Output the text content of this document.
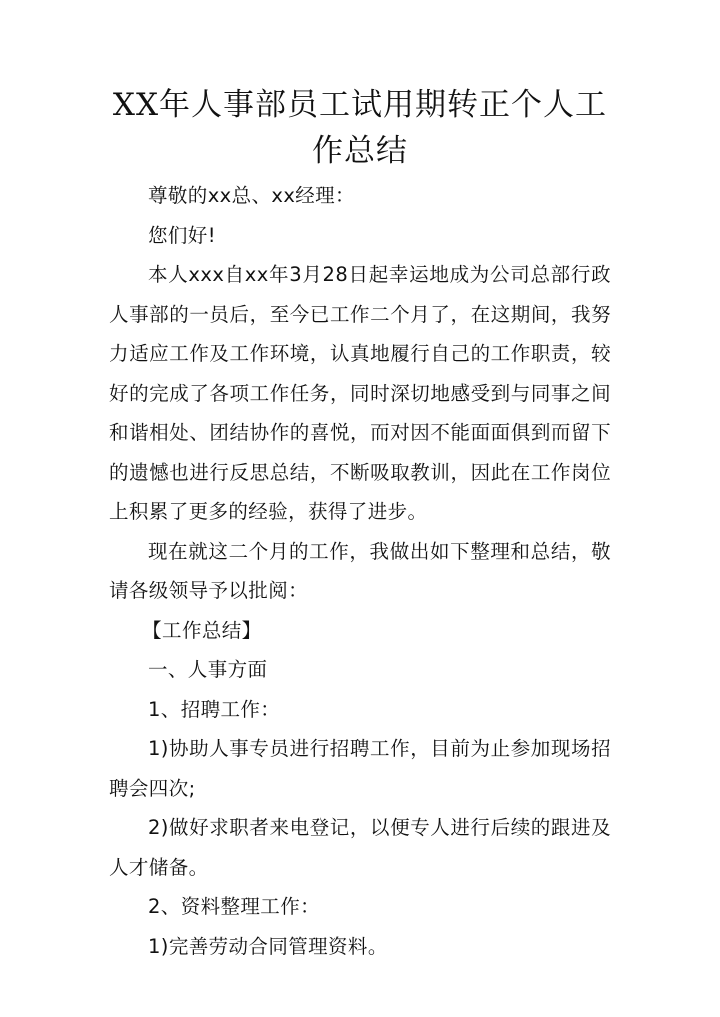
XX年人事部员工试用期转正个人工作总结

尊敬的xx总、xx经理：

您们好!

本人xxx自xx年3月28日起幸运地成为公司总部行政人事部的一员后，至今已工作二个月了，在这期间，我努力适应工作及工作环境，认真地履行自己的工作职责，较好的完成了各项工作任务，同时深切地感受到与同事之间和谐相处、团结协作的喜悦，而对因不能面面俱到而留下的遗憾也进行反思总结，不断吸取教训，因此在工作岗位上积累了更多的经验，获得了进步。

现在就这二个月的工作，我做出如下整理和总结，敬请各级领导予以批阅：

【工作总结】

一、人事方面

1、招聘工作：

1)协助人事专员进行招聘工作，目前为止参加现场招聘会四次;

2)做好求职者来电登记，以便专人进行后续的跟进及人才储备。

2、资料整理工作：

1)完善劳动合同管理资料。
